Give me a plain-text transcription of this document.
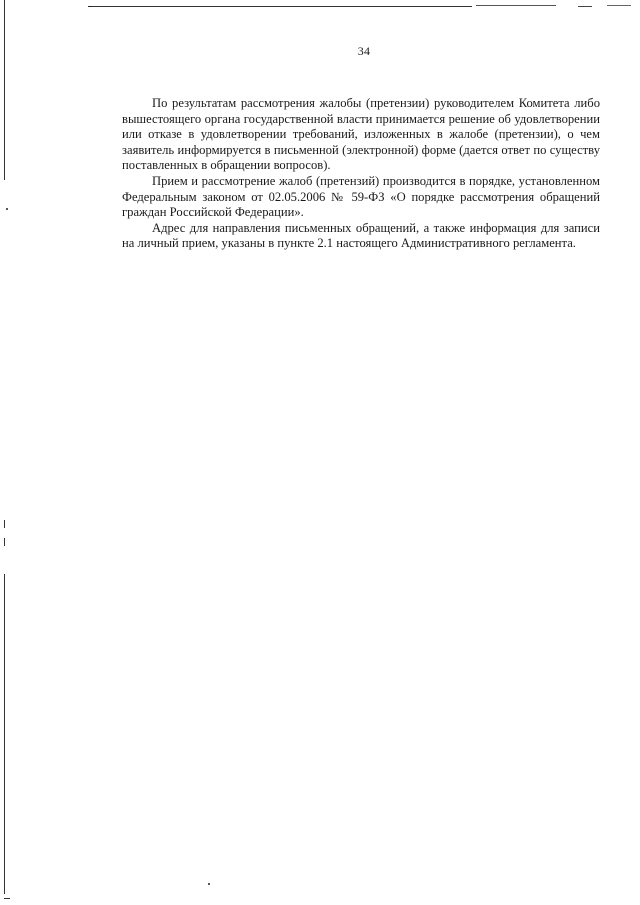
34

По результатам рассмотрения жалобы (претензии) руководителем Комитета либо вышестоящего органа государственной власти принимается решение об удовлетворении или отказе в удовлетворении требований, изложенных в жалобе (претензии), о чем заявитель информируется в письменной (электронной) форме (дается ответ по существу поставленных в обращении вопросов).

Прием и рассмотрение жалоб (претензий) производится в порядке, установленном Федеральным законом от 02.05.2006 № 59-ФЗ «О порядке рассмотрения обращений граждан Российской Федерации».

Адрес для направления письменных обращений, а также информация для записи на личный прием, указаны в пункте 2.1 настоящего Административного регламента.
